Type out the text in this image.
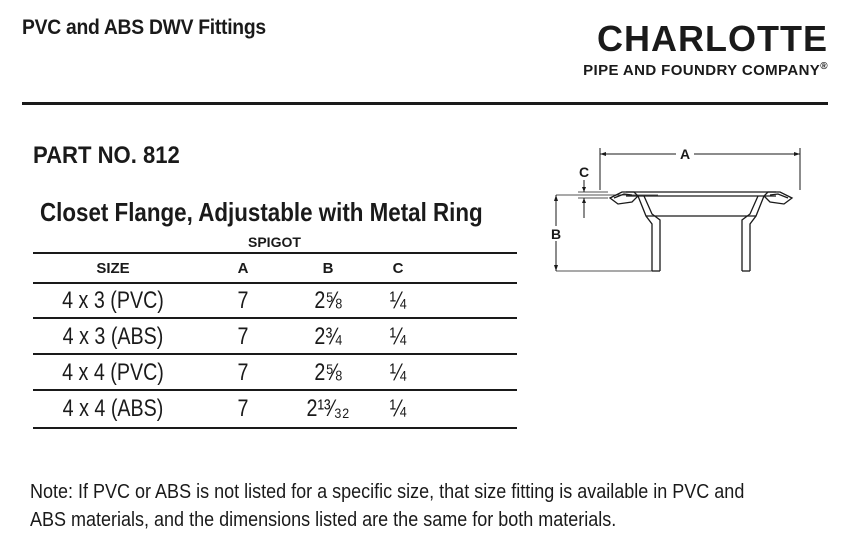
PVC and ABS DWV Fittings	CHARLOTTE
PIPE AND FOUNDRY COMPANY®
PART NO. 812
Closet Flange, Adjustable with Metal Ring
SPIGOT
SIZE	A	B	C
4 x 3 (PVC)	7	2⅝	¼
4 x 3 (ABS)	7	2¾	¼
4 x 4 (PVC)	7	2⅝	¼
4 x 4 (ABS)	7	2¹³⁄₃₂	¼
A
C
B
Note: If PVC or ABS is not listed for a specific size, that size fitting is available in PVC and
ABS materials, and the dimensions listed are the same for both materials.
